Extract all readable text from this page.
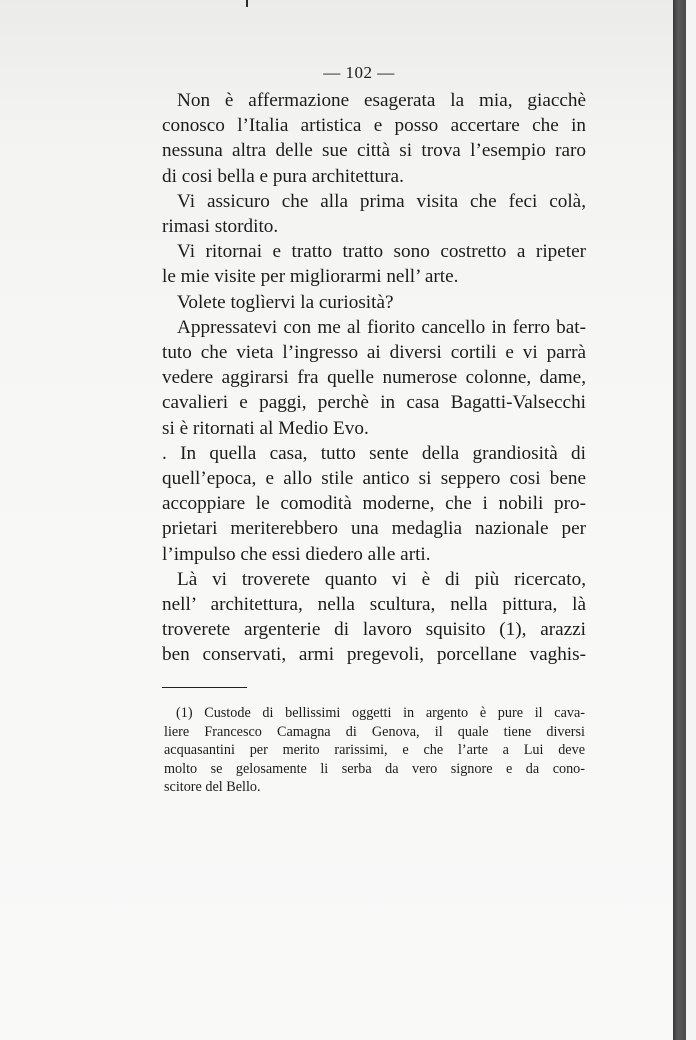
— 102 —
Non è affermazione esagerata la mia, giacchè
conosco l’Italia artistica e posso accertare che in
nessuna altra delle sue città si trova l’esempio raro
di cosi bella e pura architettura.
Vi assicuro che alla prima visita che feci colà,
rimasi stordito.
Vi ritornai e tratto tratto sono costretto a ripeter
le mie visite per migliorarmi nell’ arte.
Volete toglìervi la curiosità?
Appressatevi con me al fiorito cancello in ferro bat-
tuto che vieta l’ingresso ai diversi cortili e vi parrà
vedere aggirarsi fra quelle numerose colonne, dame,
cavalieri e paggi, perchè in casa Bagatti-Valsecchi
si è ritornati al Medio Evo.
. In quella casa, tutto sente della grandiosità di
quell’epoca, e allo stile antico si seppero cosi bene
accoppiare le comodità moderne, che i nobili pro-
prietari meriterebbero una medaglia nazionale per
l’impulso che essi diedero alle arti.
Là vi troverete quanto vi è di più ricercato,
nell’ architettura, nella scultura, nella pittura, là
troverete argenterie di lavoro squisito (1), arazzi
ben conservati, armi pregevoli, porcellane vaghis-
(1) Custode di bellissimi oggetti in argento è pure il cava-
liere Francesco Camagna di Genova, il quale tiene diversi
acquasantini per merito rarissimi, e che l’arte a Lui deve
molto se gelosamente li serba da vero signore e da cono-
scitore del Bello.
